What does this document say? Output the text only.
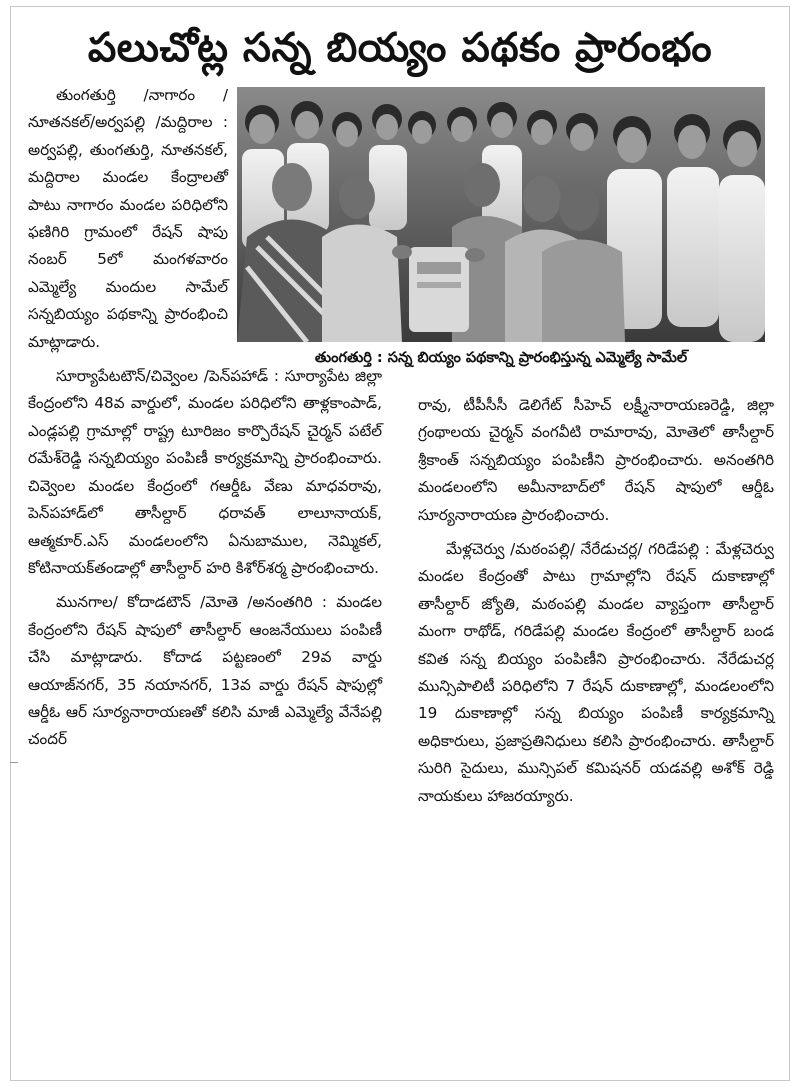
పలుచోట్ల సన్న బియ్యం పథకం ప్రారంభం
తుంగతుర్తి : సన్న బియ్యం పథకాన్ని ప్రారంభిస్తున్న ఎమ్మెల్యే సామేల్

తుంగతుర్తి /నాగారం /నూతనకల్/అర్వపల్లి /మద్దిరాల : అర్వపల్లి, తుంగతుర్తి, నూతనకల్, మద్దిరాల మండల కేంద్రాలతో పాటు నాగారం మండల పరిధిలోని ఫణిగిరి గ్రామంలో రేషన్ షాపు నంబర్ 5లో మంగళవారం ఎమ్మెల్యే మందుల సామేల్ సన్నబియ్యం పథకాన్ని ప్రారంభించి మాట్లాడారు.

సూర్యాపేటటౌన్/చివ్వెంల /పెన్‌పహాడ్ : సూర్యాపేట జిల్లా కేంద్రంలోని 48వ వార్డులో, మండల పరిధిలోని తాళ్లకాంపాడ్, ఎండ్లపల్లి గ్రామాల్లో రాష్ట్ర టూరిజం కార్పొరేషన్ చైర్మన్ పటేల్ రమేశ్‌రెడ్డి సన్నబియ్యం పంపిణీ కార్యక్రమాన్ని ప్రారంభించారు. చివ్వెంల మండల కేంద్రంలో గఆర్డీఓ వేణు మాధవరావు, పెన్‌పహాడ్‌లో తాసీల్దార్ ధరావత్ లాలూనాయక్, ఆత్మకూర్.ఎస్ మండలంలోని ఏనుబాముల, నెమ్మికల్, కోటినాయక్‌తండాల్లో తాసీల్దార్ హరి కిశోర్‌శర్మ ప్రారంభించారు.

మునగాల/ కోదాడటౌన్ /మోతె /అనంతగిరి : మండల కేంద్రంలోని రేషన్ షాపులో తాసీల్దార్ ఆంజనేయులు పంపిణీ చేసి మాట్లాడారు. కోదాడ పట్టణంలో 29వ వార్డు ఆయాజ్‌నగర్, 35 నయానగర్, 13వ వార్డు రేషన్ షాపుల్లో ఆర్డీఓ ఆర్ సూర్యనారాయణతో కలిసి మాజీ ఎమ్మెల్యే వేనేపల్లి చందర్

రావు, టీపీసీసీ డెలిగేట్ సీహెచ్ లక్ష్మీనారాయణరెడ్డి, జిల్లా గ్రంథాలయ చైర్మన్ వంగవీటి రామారావు, మోతెలో తాసీల్దార్ శ్రీకాంత్ సన్నబియ్యం పంపిణీని ప్రారంభించారు. అనంతగిరి మండలంలోని అమీనాబాద్‌లో రేషన్ షాపులో ఆర్డీఓ సూర్యనారాయణ ప్రారంభించారు.

మేళ్లచెర్వు /మఠంపల్లి/ నేరేడుచర్ల/ గరిడేపల్లి : మేళ్లచెర్వు మండల కేంద్రంతో పాటు గ్రామాల్లోని రేషన్ దుకాణాల్లో తాసీల్దార్ జ్యోతి, మఠంపల్లి మండల వ్యాప్తంగా తాసీల్దార్ మంగా రాథోడ్, గరిడేపల్లి మండల కేంద్రంలో తాసీల్దార్ బండ కవిత సన్న బియ్యం పంపిణీని ప్రారంభించారు. నేరేడుచర్ల మున్సిపాలిటీ పరిధిలోని 7 రేషన్ దుకాణాల్లో, మండలంలోని 19 దుకాణాల్లో సన్న బియ్యం పంపిణీ కార్యక్రమాన్ని అధికారులు, ప్రజాప్రతినిధులు కలిసి ప్రారంభించారు. తాసీల్దార్ సురిగి సైదులు, మున్సిపల్ కమిషనర్ యడవల్లి అశోక్ రెడ్డి నాయకులు హాజరయ్యారు.
